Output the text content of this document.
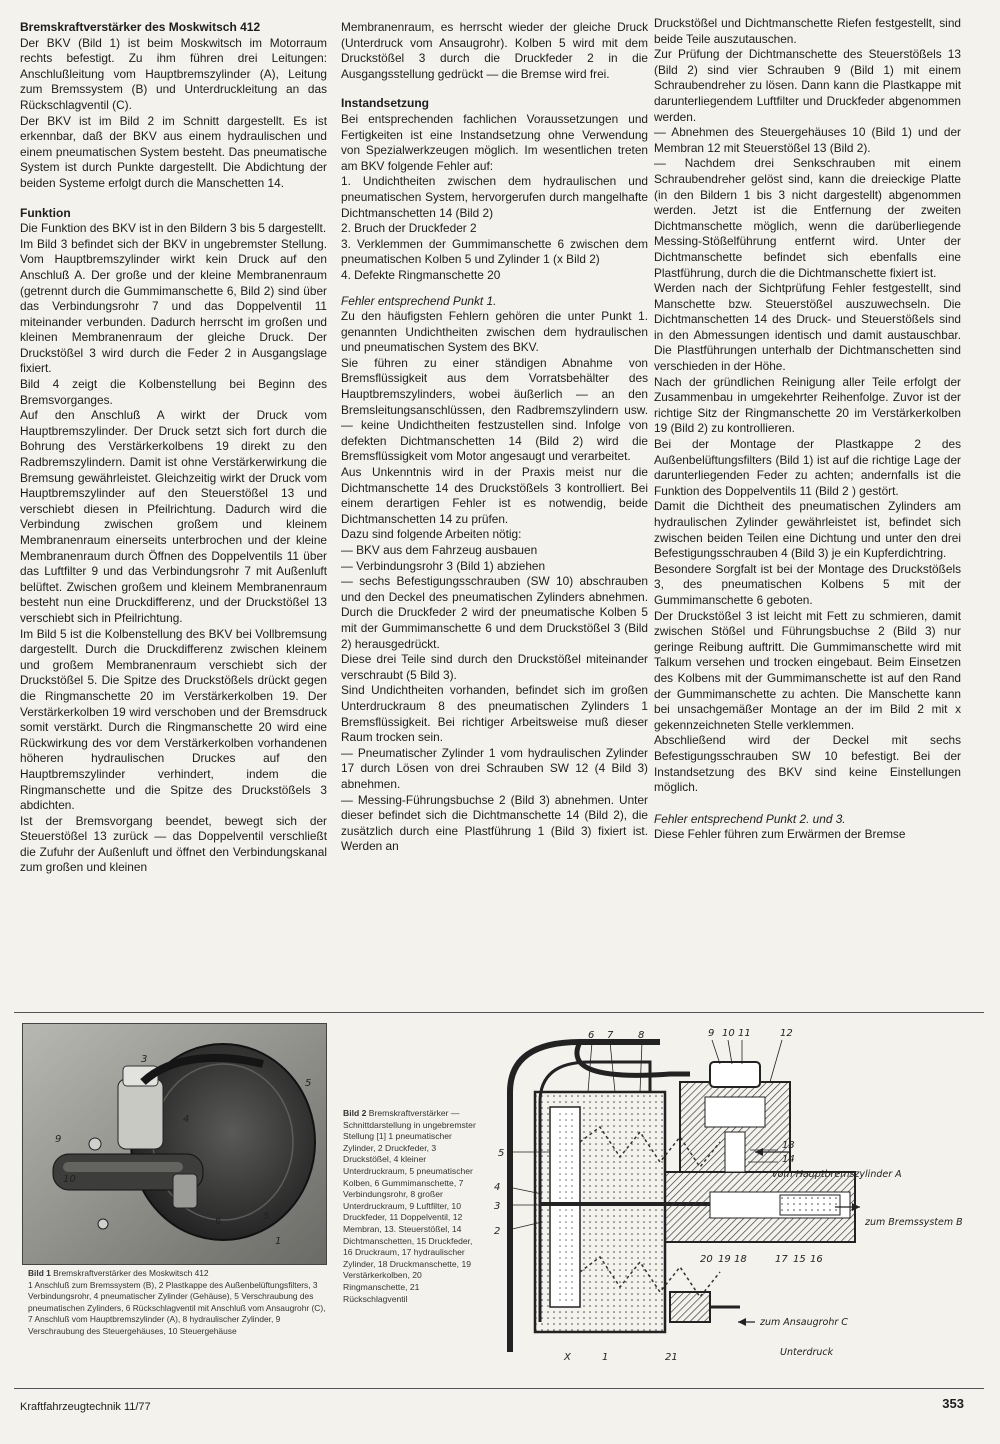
Bremskraftverstärker des Moskwitsch 412

Der BKV (Bild 1) ist beim Moskwitsch im Motorraum rechts befestigt. Zu ihm führen drei Leitungen: Anschlußleitung vom Hauptbremszylinder (A), Leitung zum Bremssystem (B) und Unterdruckleitung an das Rückschlagventil (C).

Der BKV ist im Bild 2 im Schnitt dargestellt. Es ist erkennbar, daß der BKV aus einem hydraulischen und einem pneumatischen System besteht. Das pneumatische System ist durch Punkte dargestellt. Die Abdichtung der beiden Systeme erfolgt durch die Manschetten 14.

Funktion

Die Funktion des BKV ist in den Bildern 3 bis 5 dargestellt.

Im Bild 3 befindet sich der BKV in ungebremster Stellung. Vom Hauptbremszylinder wirkt kein Druck auf den Anschluß A. Der große und der kleine Membranenraum (getrennt durch die Gummimanschette 6, Bild 2) sind über das Verbindungsrohr 7 und das Doppelventil 11 miteinander verbunden. Dadurch herrscht im großen und kleinen Membranenraum der gleiche Druck. Der Druckstößel 3 wird durch die Feder 2 in Ausgangslage fixiert.

Bild 4 zeigt die Kolbenstellung bei Beginn des Bremsvorganges.

Auf den Anschluß A wirkt der Druck vom Hauptbremszylinder. Der Druck setzt sich fort durch die Bohrung des Verstärkerkolbens 19 direkt zu den Radbremszylindern. Damit ist ohne Verstärkerwirkung die Bremsung gewährleistet. Gleichzeitig wirkt der Druck vom Hauptbremszylinder auf den Steuerstößel 13 und verschiebt diesen in Pfeilrichtung. Dadurch wird die Verbindung zwischen großem und kleinem Membranenraum einerseits unterbrochen und der kleine Membranenraum durch Öffnen des Doppelventils 11 über das Luftfilter 9 und das Verbindungsrohr 7 mit Außenluft belüftet. Zwischen großem und kleinem Membranenraum besteht nun eine Druckdifferenz, und der Druckstößel 13 verschiebt sich in Pfeilrichtung.

Im Bild 5 ist die Kolbenstellung des BKV bei Vollbremsung dargestellt. Durch die Druckdifferenz zwischen kleinem und großem Membranenraum verschiebt sich der Druckstößel 5. Die Spitze des Druckstößels drückt gegen die Ringmanschette 20 im Verstärkerkolben 19. Der Verstärkerkolben 19 wird verschoben und der Bremsdruck somit verstärkt. Durch die Ringmanschette 20 wird eine Rückwirkung des vor dem Verstärkerkolben vorhandenen höheren hydraulischen Druckes auf den Hauptbremszylinder verhindert, indem die Ringmanschette und die Spitze des Druckstößels 3 abdichten.

Ist der Bremsvorgang beendet, bewegt sich der Steuerstößel 13 zurück — das Doppelventil verschließt die Zufuhr der Außenluft und öffnet den Verbindungskanal zum großen und kleinen

Membranenraum, es herrscht wieder der gleiche Druck (Unterdruck vom Ansaugrohr). Kolben 5 wird mit dem Druckstößel 3 durch die Druckfeder 2 in die Ausgangsstellung gedrückt — die Bremse wird frei.

Instandsetzung

Bei entsprechenden fachlichen Voraussetzungen und Fertigkeiten ist eine Instandsetzung ohne Verwendung von Spezialwerkzeugen möglich. Im wesentlichen treten am BKV folgende Fehler auf:

1. Undichtheiten zwischen dem hydraulischen und pneumatischen System, hervorgerufen durch mangelhafte Dichtmanschetten 14 (Bild 2)

2. Bruch der Druckfeder 2

3. Verklemmen der Gummimanschette 6 zwischen dem pneumatischen Kolben 5 und Zylinder 1 (x Bild 2)

4. Defekte Ringmanschette 20

Fehler entsprechend Punkt 1.

Zu den häufigsten Fehlern gehören die unter Punkt 1. genannten Undichtheiten zwischen dem hydraulischen und pneumatischen System des BKV.

Sie führen zu einer ständigen Abnahme von Bremsflüssigkeit aus dem Vorratsbehälter des Hauptbremszylinders, wobei äußerlich — an den Bremsleitungsanschlüssen, den Radbremszylindern usw. — keine Undichtheiten festzustellen sind. Infolge von defekten Dichtmanschetten 14 (Bild 2) wird die Bremsflüssigkeit vom Motor angesaugt und verarbeitet.

Aus Unkenntnis wird in der Praxis meist nur die Dichtmanschette 14 des Druckstößels 3 kontrolliert. Bei einem derartigen Fehler ist es notwendig, beide Dichtmanschetten 14 zu prüfen.

Dazu sind folgende Arbeiten nötig:

— BKV aus dem Fahrzeug ausbauen

— Verbindungsrohr 3 (Bild 1) abziehen

— sechs Befestigungsschrauben (SW 10) abschrauben und den Deckel des pneumatischen Zylinders abnehmen. Durch die Druckfeder 2 wird der pneumatische Kolben 5 mit der Gummimanschette 6 und dem Druckstößel 3 (Bild 2) herausgedrückt.

Diese drei Teile sind durch den Druckstößel miteinander verschraubt (5 Bild 3).

Sind Undichtheiten vorhanden, befindet sich im großen Unterdruckraum 8 des pneumatischen Zylinders 1 Bremsflüssigkeit. Bei richtiger Arbeitsweise muß dieser Raum trocken sein.

— Pneumatischer Zylinder 1 vom hydraulischen Zylinder 17 durch Lösen von drei Schrauben SW 12 (4 Bild 3) abnehmen.

— Messing-Führungsbuchse 2 (Bild 3) abnehmen. Unter dieser befindet sich die Dichtmanschette 14 (Bild 2), die zusätzlich durch eine Plastführung 1 (Bild 3) fixiert ist. Werden an

Druckstößel und Dichtmanschette Riefen festgestellt, sind beide Teile auszutauschen.

Zur Prüfung der Dichtmanschette des Steuerstößels 13 (Bild 2) sind vier Schrauben 9 (Bild 1) mit einem Schraubendreher zu lösen. Dann kann die Plastkappe mit darunterliegendem Luftfilter und Druckfeder abgenommen werden.

— Abnehmen des Steuergehäuses 10 (Bild 1) und der Membran 12 mit Steuerstößel 13 (Bild 2).

— Nachdem drei Senkschrauben mit einem Schraubendreher gelöst sind, kann die dreieckige Platte (in den Bildern 1 bis 3 nicht dargestellt) abgenommen werden. Jetzt ist die Entfernung der zweiten Dichtmanschette möglich, wenn die darüberliegende Messing-Stößelführung entfernt wird. Unter der Dichtmanschette befindet sich ebenfalls eine Plastführung, durch die die Dichtmanschette fixiert ist.

Werden nach der Sichtprüfung Fehler festgestellt, sind Manschette bzw. Steuerstößel auszuwechseln. Die Dichtmanschetten 14 des Druck- und Steuerstößels sind in den Abmessungen identisch und damit austauschbar. Die Plastführungen unterhalb der Dichtmanschetten sind verschieden in der Höhe.

Nach der gründlichen Reinigung aller Teile erfolgt der Zusammenbau in umgekehrter Reihenfolge. Zuvor ist der richtige Sitz der Ringmanschette 20 im Verstärkerkolben 19 (Bild 2) zu kontrollieren.

Bei der Montage der Plastkappe 2 des Außenbelüftungsfilters (Bild 1) ist auf die richtige Lage der darunterliegenden Feder zu achten; andernfalls ist die Funktion des Doppelventils 11 (Bild 2 ) gestört.

Damit die Dichtheit des pneumatischen Zylinders am hydraulischen Zylinder gewährleistet ist, befindet sich zwischen beiden Teilen eine Dichtung und unter den drei Befestigungsschrauben 4 (Bild 3) je ein Kupferdichtring.

Besondere Sorgfalt ist bei der Montage des Druckstößels 3, des pneumatischen Kolbens 5 mit der Gummimanschette 6 geboten.

Der Druckstößel 3 ist leicht mit Fett zu schmieren, damit zwischen Stößel und Führungsbuchse 2 (Bild 3) nur geringe Reibung auftritt. Die Gummimanschette wird mit Talkum versehen und trocken eingebaut. Beim Einsetzen des Kolbens mit der Gummimanschette ist auf den Rand der Gummimanschette zu achten. Die Manschette kann bei unsachgemäßer Montage an der im Bild 2 mit x gekennzeichneten Stelle verklemmen.

Abschließend wird der Deckel mit sechs Befestigungsschrauben SW 10 befestigt. Bei der Instandsetzung des BKV sind keine Einstellungen möglich.

Fehler entsprechend Punkt 2. und 3.

Diese Fehler führen zum Erwärmen der Bremse

3
4
5
6
9
10
1
5
Bild 1 Bremskraftverstärker des Moskwitsch 412
1 Anschluß zum Bremssystem (B), 2 Plastkappe des Außenbelüftungsfilters, 3 Verbindungsrohr, 4 pneumatischer Zylinder (Gehäuse), 5 Verschraubung des pneumatischen Zylinders, 6 Rückschlagventil mit Anschluß vom Ansaugrohr (C), 7 Anschluß vom Hauptbremszylinder (A), 8 hydraulischer Zylinder, 9 Verschraubung des Steuergehäuses, 10 Steuergehäuse
Bild 2 Bremskraftverstärker — Schnittdarstellung in ungebremster Stellung [1] 1 pneumatischer Zylinder, 2 Druckfeder, 3 Druckstößel, 4 kleiner Unterdruckraum, 5 pneumatischer Kolben, 6 Gummimanschette, 7 Verbindungsrohr, 8 großer Unterdruckraum, 9 Luftfilter, 10 Druckfeder, 11 Doppelventil, 12 Membran, 13. Steuerstößel, 14 Dichtmanschetten, 15 Druckfeder, 16 Druckraum, 17 hydraulischer Zylinder, 18 Druckmanschette, 19 Verstärkerkolben, 20 Ringmanschette, 21 Rückschlagventil
6 7 8	9 10 11	12
13
14
vom Hauptbremszylinder A
5
4
3
2
zum Bremssystem B
20 19 18	17 15 16
zum Ansaugrohr C
X	1	21	Unterdruck
Kraftfahrzeugtechnik 11/77	353
